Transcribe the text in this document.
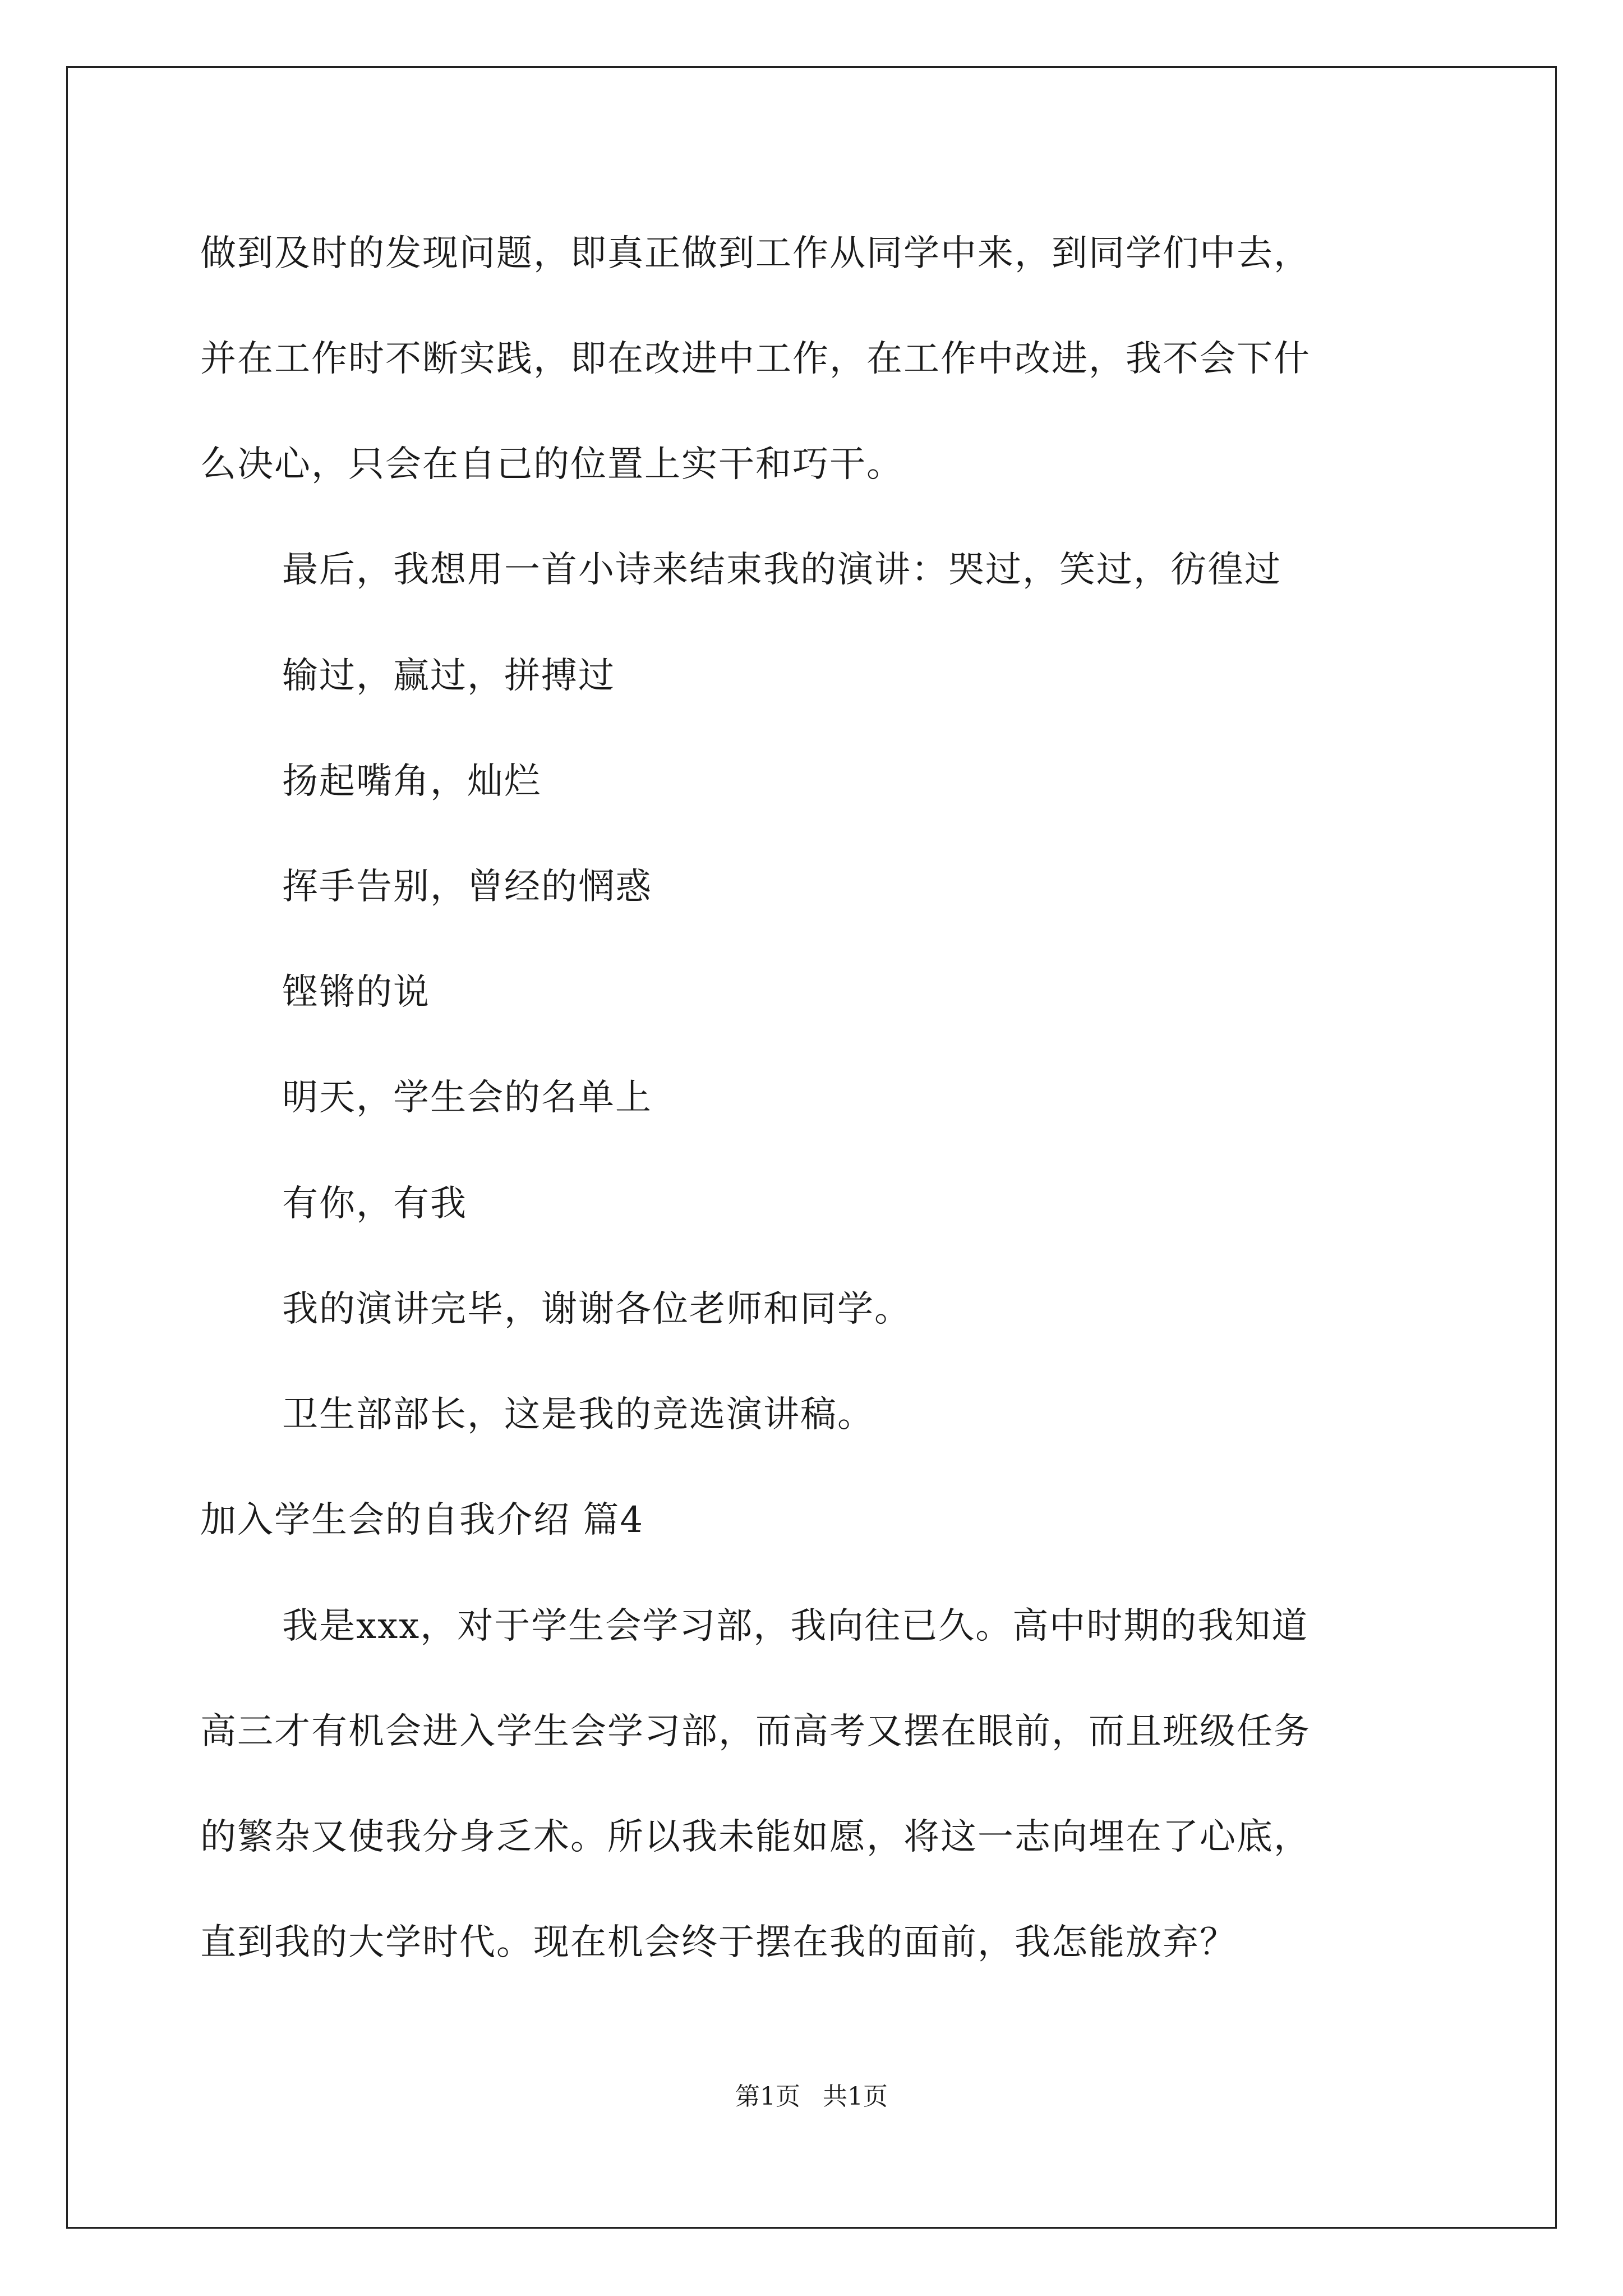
做到及时的发现问题，即真正做到工作从同学中来，到同学们中去，
并在工作时不断实践，即在改进中工作，在工作中改进，我不会下什
么决心，只会在自己的位置上实干和巧干。
最后，我想用一首小诗来结束我的演讲：哭过，笑过，彷徨过
输过，赢过，拼搏过
扬起嘴角，灿烂
挥手告别，曾经的惘惑
铿锵的说
明天，学生会的名单上
有你，有我
我的演讲完毕，谢谢各位老师和同学。
卫生部部长，这是我的竞选演讲稿。
加入学生会的自我介绍 篇4
我是xxx，对于学生会学习部，我向往已久。高中时期的我知道
高三才有机会进入学生会学习部，而高考又摆在眼前，而且班级任务
的繁杂又使我分身乏术。所以我未能如愿，将这一志向埋在了心底，
直到我的大学时代。现在机会终于摆在我的面前，我怎能放弃？
第1页 共1页
